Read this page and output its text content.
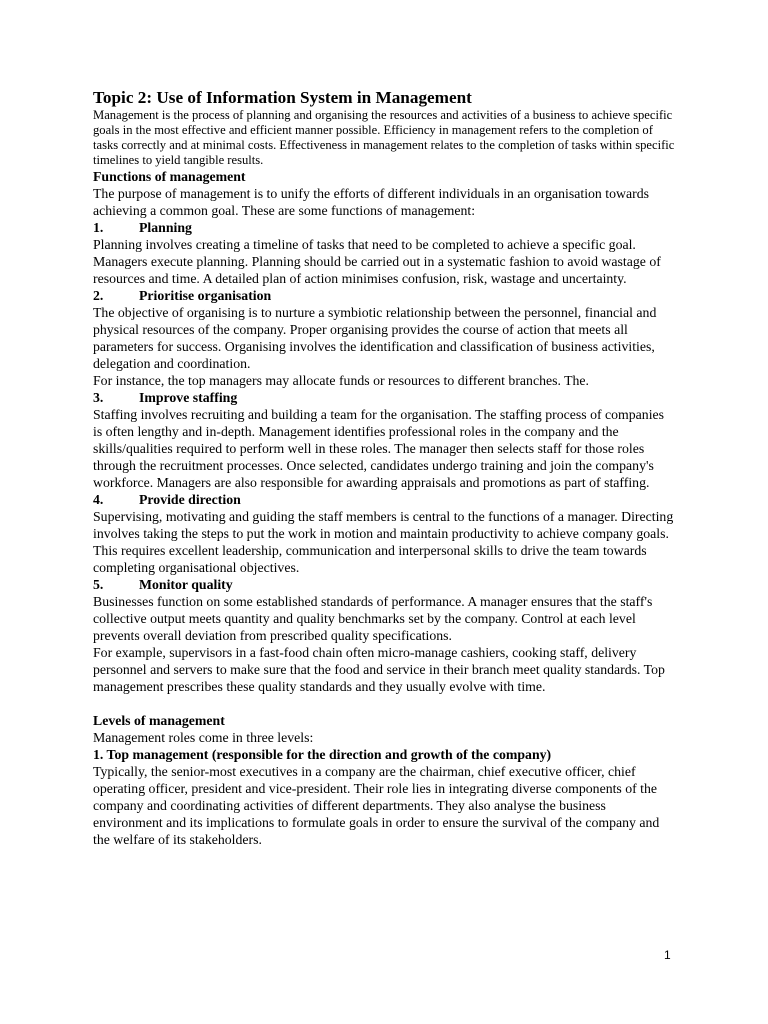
Topic 2: Use of Information System in Management

Management is the process of planning and organising the resources and activities of a business to achieve specific goals in the most effective and efficient manner possible. Efficiency in management refers to the completion of tasks correctly and at minimal costs. Effectiveness in management relates to the completion of tasks within specific timelines to yield tangible results.

Functions of management

The purpose of management is to unify the efforts of different individuals in an organisation towards achieving a common goal. These are some functions of management:

1.	Planning

Planning involves creating a timeline of tasks that need to be completed to achieve a specific goal. Managers execute planning. Planning should be carried out in a systematic fashion to avoid wastage of resources and time. A detailed plan of action minimises confusion, risk, wastage and uncertainty.

2.	Prioritise organisation

The objective of organising is to nurture a symbiotic relationship between the personnel, financial and physical resources of the company. Proper organising provides the course of action that meets all parameters for success. Organising involves the identification and classification of business activities, delegation and coordination.

For instance, the top managers may allocate funds or resources to different branches. The.

3.	Improve staffing

Staffing involves recruiting and building a team for the organisation. The staffing process of companies is often lengthy and in-depth. Management identifies professional roles in the company and the skills/qualities required to perform well in these roles. The manager then selects staff for those roles through the recruitment processes. Once selected, candidates undergo training and join the company's workforce. Managers are also responsible for awarding appraisals and promotions as part of staffing.

4.	Provide direction

Supervising, motivating and guiding the staff members is central to the functions of a manager. Directing involves taking the steps to put the work in motion and maintain productivity to achieve company goals. This requires excellent leadership, communication and interpersonal skills to drive the team towards completing organisational objectives.

5.	Monitor quality

Businesses function on some established standards of performance. A manager ensures that the staff's collective output meets quantity and quality benchmarks set by the company. Control at each level prevents overall deviation from prescribed quality specifications.

For example, supervisors in a fast-food chain often micro-manage cashiers, cooking staff, delivery personnel and servers to make sure that the food and service in their branch meet quality standards. Top management prescribes these quality standards and they usually evolve with time.

Levels of management

Management roles come in three levels:

1. Top management (responsible for the direction and growth of the company)

Typically, the senior-most executives in a company are the chairman, chief executive officer, chief operating officer, president and vice-president. Their role lies in integrating diverse components of the company and coordinating activities of different departments. They also analyse the business environment and its implications to formulate goals in order to ensure the survival of the company and the welfare of its stakeholders.

1
